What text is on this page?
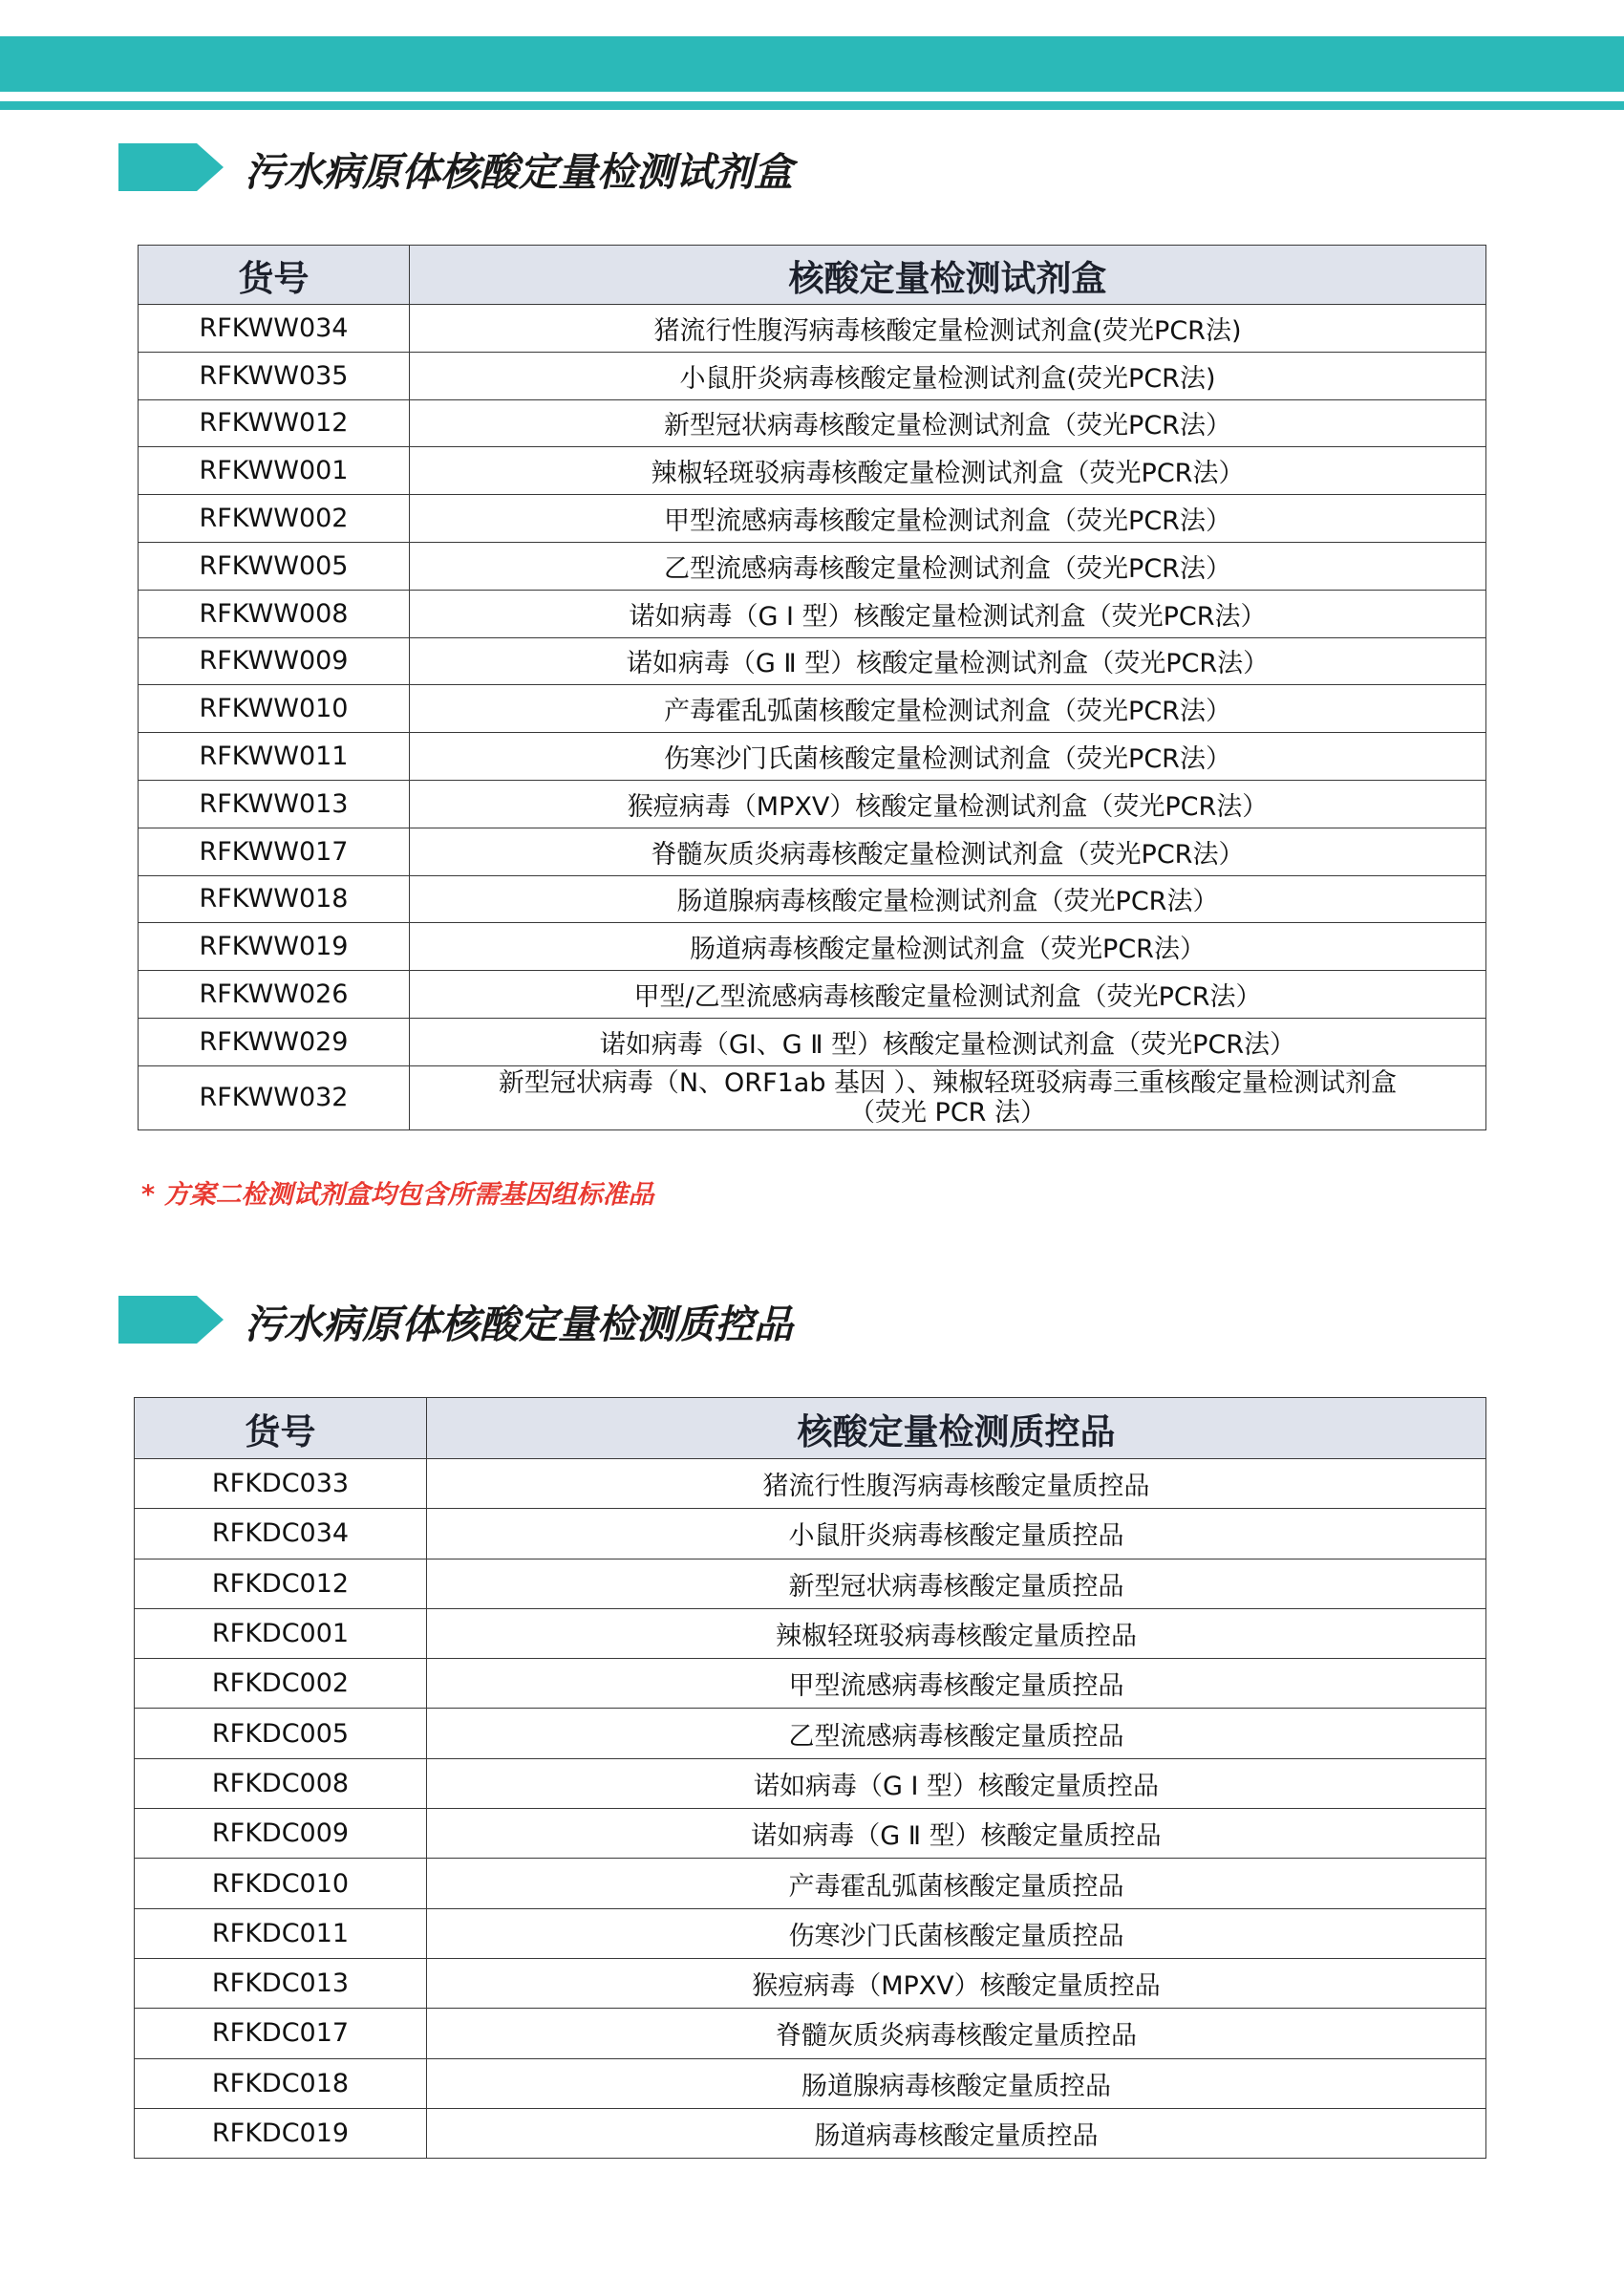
污水病原体核酸定量检测试剂盒
货号	核酸定量检测试剂盒
RFKWW034	猪流行性腹泻病毒核酸定量检测试剂盒(荧光PCR法)
RFKWW035	小鼠肝炎病毒核酸定量检测试剂盒(荧光PCR法)
RFKWW012	新型冠状病毒核酸定量检测试剂盒（荧光PCR法）
RFKWW001	辣椒轻斑驳病毒核酸定量检测试剂盒（荧光PCR法）
RFKWW002	甲型流感病毒核酸定量检测试剂盒（荧光PCR法）
RFKWW005	乙型流感病毒核酸定量检测试剂盒（荧光PCR法）
RFKWW008	诺如病毒（G Ⅰ 型）核酸定量检测试剂盒（荧光PCR法）
RFKWW009	诺如病毒（G Ⅱ 型）核酸定量检测试剂盒（荧光PCR法）
RFKWW010	产毒霍乱弧菌核酸定量检测试剂盒（荧光PCR法）
RFKWW011	伤寒沙门氏菌核酸定量检测试剂盒（荧光PCR法）
RFKWW013	猴痘病毒（MPXV）核酸定量检测试剂盒（荧光PCR法）
RFKWW017	脊髓灰质炎病毒核酸定量检测试剂盒（荧光PCR法）
RFKWW018	肠道腺病毒核酸定量检测试剂盒（荧光PCR法）
RFKWW019	肠道病毒核酸定量检测试剂盒（荧光PCR法）
RFKWW026	甲型/乙型流感病毒核酸定量检测试剂盒（荧光PCR法）
RFKWW029	诺如病毒（GI、G Ⅱ 型）核酸定量检测试剂盒（荧光PCR法）
RFKWW032	新型冠状病毒（N、ORF1ab 基因 ）、辣椒轻斑驳病毒三重核酸定量检测试剂盒
（荧光 PCR 法）
* 方案二检测试剂盒均包含所需基因组标准品
污水病原体核酸定量检测质控品
货号	核酸定量检测质控品
RFKDC033	猪流行性腹泻病毒核酸定量质控品
RFKDC034	小鼠肝炎病毒核酸定量质控品
RFKDC012	新型冠状病毒核酸定量质控品
RFKDC001	辣椒轻斑驳病毒核酸定量质控品
RFKDC002	甲型流感病毒核酸定量质控品
RFKDC005	乙型流感病毒核酸定量质控品
RFKDC008	诺如病毒（G Ⅰ 型）核酸定量质控品
RFKDC009	诺如病毒（G Ⅱ 型）核酸定量质控品
RFKDC010	产毒霍乱弧菌核酸定量质控品
RFKDC011	伤寒沙门氏菌核酸定量质控品
RFKDC013	猴痘病毒（MPXV）核酸定量质控品
RFKDC017	脊髓灰质炎病毒核酸定量质控品
RFKDC018	肠道腺病毒核酸定量质控品
RFKDC019	肠道病毒核酸定量质控品
